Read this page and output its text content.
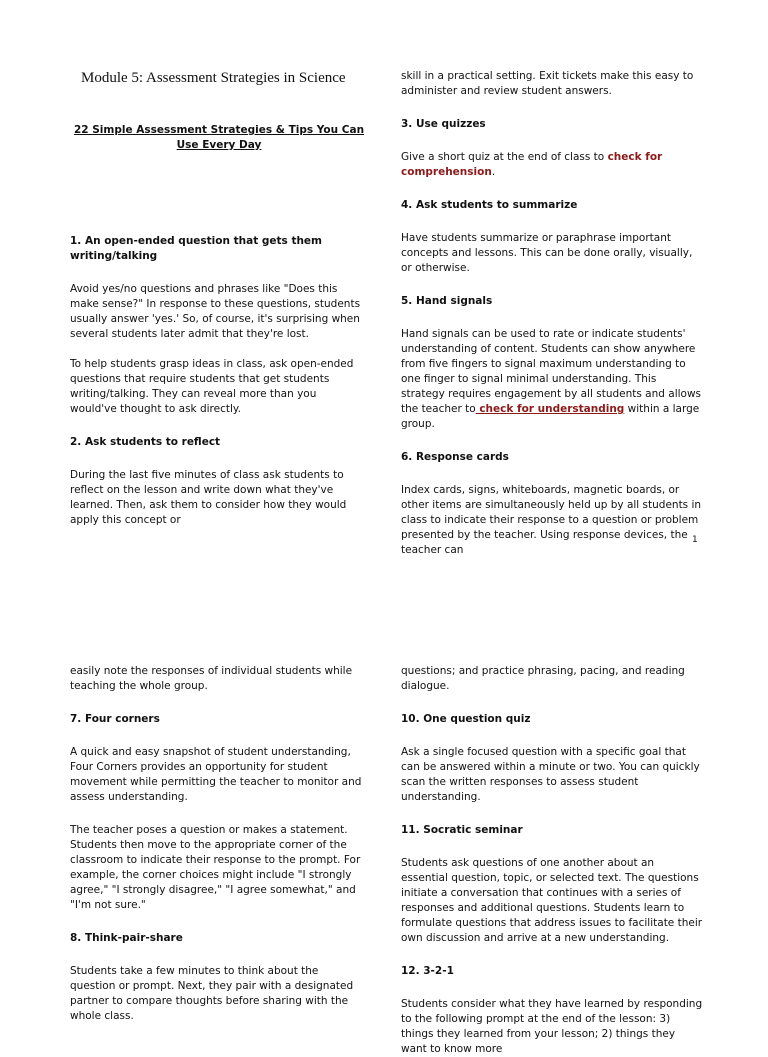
Module 5: Assessment Strategies in Science
22 Simple Assessment Strategies & Tips You Can Use Every Day

1. An open-ended question that gets them writing/talking

Avoid yes/no questions and phrases like "Does this make sense?" In response to these questions, students usually answer 'yes.' So, of course, it's surprising when several students later admit that they're lost.

To help students grasp ideas in class, ask open-ended questions that require students that get students writing/talking. They can reveal more than you would've thought to ask directly.

2. Ask students to reflect

During the last five minutes of class ask students to reflect on the lesson and write down what they've learned. Then, ask them to consider how they would apply this concept or

skill in a practical setting. Exit tickets make this easy to administer and review student answers.

3. Use quizzes

Give a short quiz at the end of class to check for comprehension.

4. Ask students to summarize

Have students summarize or paraphrase important concepts and lessons. This can be done orally, visually, or otherwise.

5. Hand signals

Hand signals can be used to rate or indicate students' understanding of content. Students can show anywhere from five fingers to signal maximum understanding to one finger to signal minimal understanding. This strategy requires engagement by all students and allows the teacher to check for understanding within a large group.

6. Response cards

Index cards, signs, whiteboards, magnetic boards, or other items are simultaneously held up by all students in class to indicate their response to a question or problem presented by the teacher. Using response devices, the teacher can

1

easily note the responses of individual students while teaching the whole group.

7. Four corners

A quick and easy snapshot of student understanding, Four Corners provides an opportunity for student movement while permitting the teacher to monitor and assess understanding.

The teacher poses a question or makes a statement. Students then move to the appropriate corner of the classroom to indicate their response to the prompt. For example, the corner choices might include "I strongly agree," "I strongly disagree," "I agree somewhat," and "I'm not sure."

8. Think-pair-share

Students take a few minutes to think about the question or prompt. Next, they pair with a designated partner to compare thoughts before sharing with the whole class.

questions; and practice phrasing, pacing, and reading dialogue.

10. One question quiz

Ask a single focused question with a specific goal that can be answered within a minute or two. You can quickly scan the written responses to assess student understanding.

11. Socratic seminar

Students ask questions of one another about an essential question, topic, or selected text. The questions initiate a conversation that continues with a series of responses and additional questions. Students learn to formulate questions that address issues to facilitate their own discussion and arrive at a new understanding.

12. 3-2-1

Students consider what they have learned by responding to the following prompt at the end of the lesson: 3) things they learned from your lesson; 2) things they want to know more
